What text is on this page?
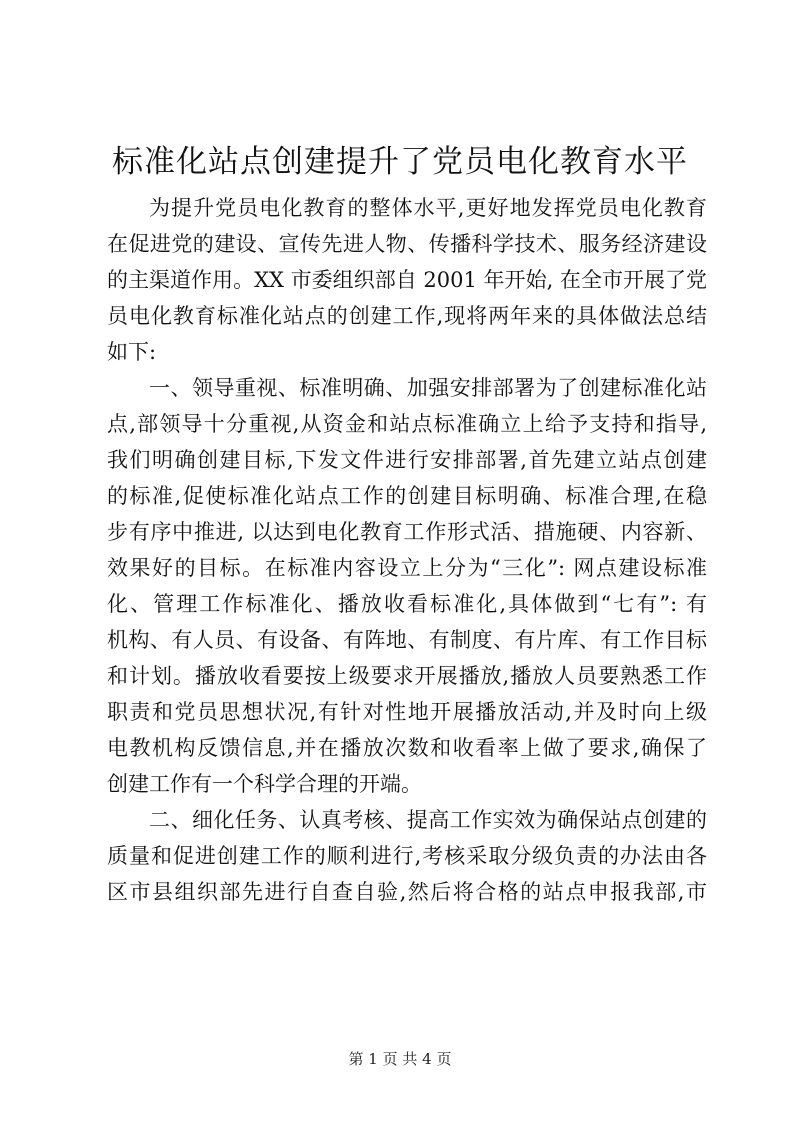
标准化站点创建提升了党员电化教育水平
为提升党员电化教育的整体水平,更好地发挥党员电化教育
在促进党的建设、宣传先进人物、传播科学技术、服务经济建设
的主渠道作用。XX 市委组织部自 2001 年开始, 在全市开展了党
员电化教育标准化站点的创建工作,现将两年来的具体做法总结
如下:
一、领导重视、标准明确、加强安排部署为了创建标准化站
点,部领导十分重视,从资金和站点标准确立上给予支持和指导,
我们明确创建目标,下发文件进行安排部署,首先建立站点创建
的标准,促使标准化站点工作的创建目标明确、标准合理,在稳
步有序中推进, 以达到电化教育工作形式活、措施硬、内容新、
效果好的目标。在标准内容设立上分为“三化”: 网点建设标准
化、管理工作标准化、播放收看标准化,具体做到“七有”: 有
机构、有人员、有设备、有阵地、有制度、有片库、有工作目标
和计划。播放收看要按上级要求开展播放,播放人员要熟悉工作
职责和党员思想状况,有针对性地开展播放活动,并及时向上级
电教机构反馈信息,并在播放次数和收看率上做了要求,确保了
创建工作有一个科学合理的开端。
二、细化任务、认真考核、提高工作实效为确保站点创建的
质量和促进创建工作的顺利进行,考核采取分级负责的办法由各
区市县组织部先进行自查自验,然后将合格的站点申报我部,市
第 1 页 共 4 页
